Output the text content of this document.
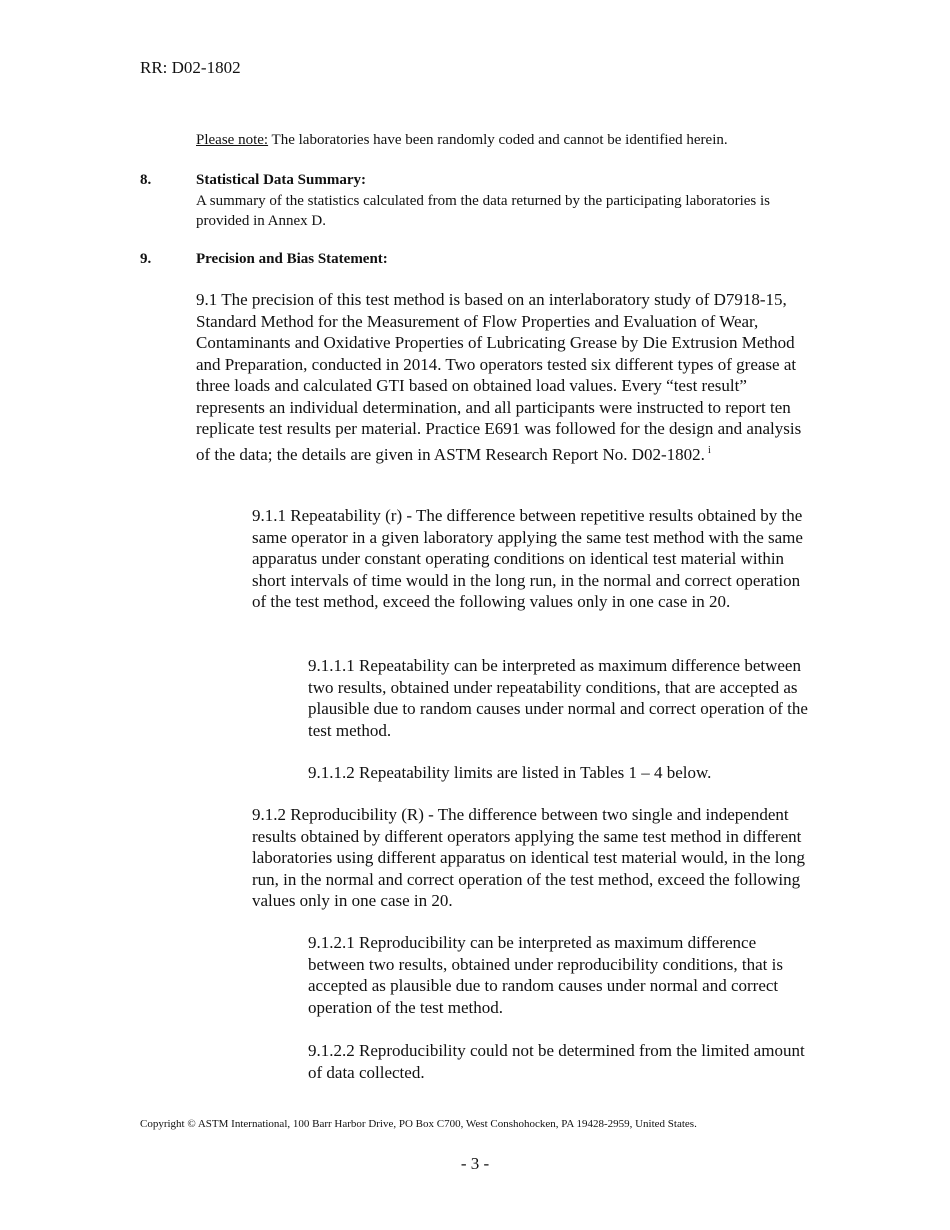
RR: D02-1802

Please note: The laboratories have been randomly coded and cannot be identified herein.

8.	Statistical Data Summary:

A summary of the statistics calculated from the data returned by the participating laboratories is provided in Annex D.

9.	Precision and Bias Statement:

9.1 The precision of this test method is based on an interlaboratory study of D7918-15, Standard Method for the Measurement of Flow Properties and Evaluation of Wear, Contaminants and Oxidative Properties of Lubricating Grease by Die Extrusion Method and Preparation, conducted in 2014. Two operators tested six different types of grease at three loads and calculated GTI based on obtained load values. Every “test result” represents an individual determination, and all participants were instructed to report ten replicate test results per material. Practice E691 was followed for the design and analysis of the data; the details are given in ASTM Research Report No. D02-1802. $^i$

9.1.1 Repeatability (r) - The difference between repetitive results obtained by the same operator in a given laboratory applying the same test method with the same apparatus under constant operating conditions on identical test material within short intervals of time would in the long run, in the normal and correct operation of the test method, exceed the following values only in one case in 20.

9.1.1.1 Repeatability can be interpreted as maximum difference between two results, obtained under repeatability conditions, that are accepted as plausible due to random causes under normal and correct operation of the test method.

9.1.1.2 Repeatability limits are listed in Tables 1 – 4 below.

9.1.2 Reproducibility (R) - The difference between two single and independent results obtained by different operators applying the same test method in different laboratories using different apparatus on identical test material would, in the long run, in the normal and correct operation of the test method, exceed the following values only in one case in 20.

9.1.2.1 Reproducibility can be interpreted as maximum difference between two results, obtained under reproducibility conditions, that is accepted as plausible due to random causes under normal and correct operation of the test method.

9.1.2.2 Reproducibility could not be determined from the limited amount of data collected.

Copyright © ASTM International, 100 Barr Harbor Drive, PO Box C700, West Conshohocken, PA 19428-2959, United States.
- 3 -
